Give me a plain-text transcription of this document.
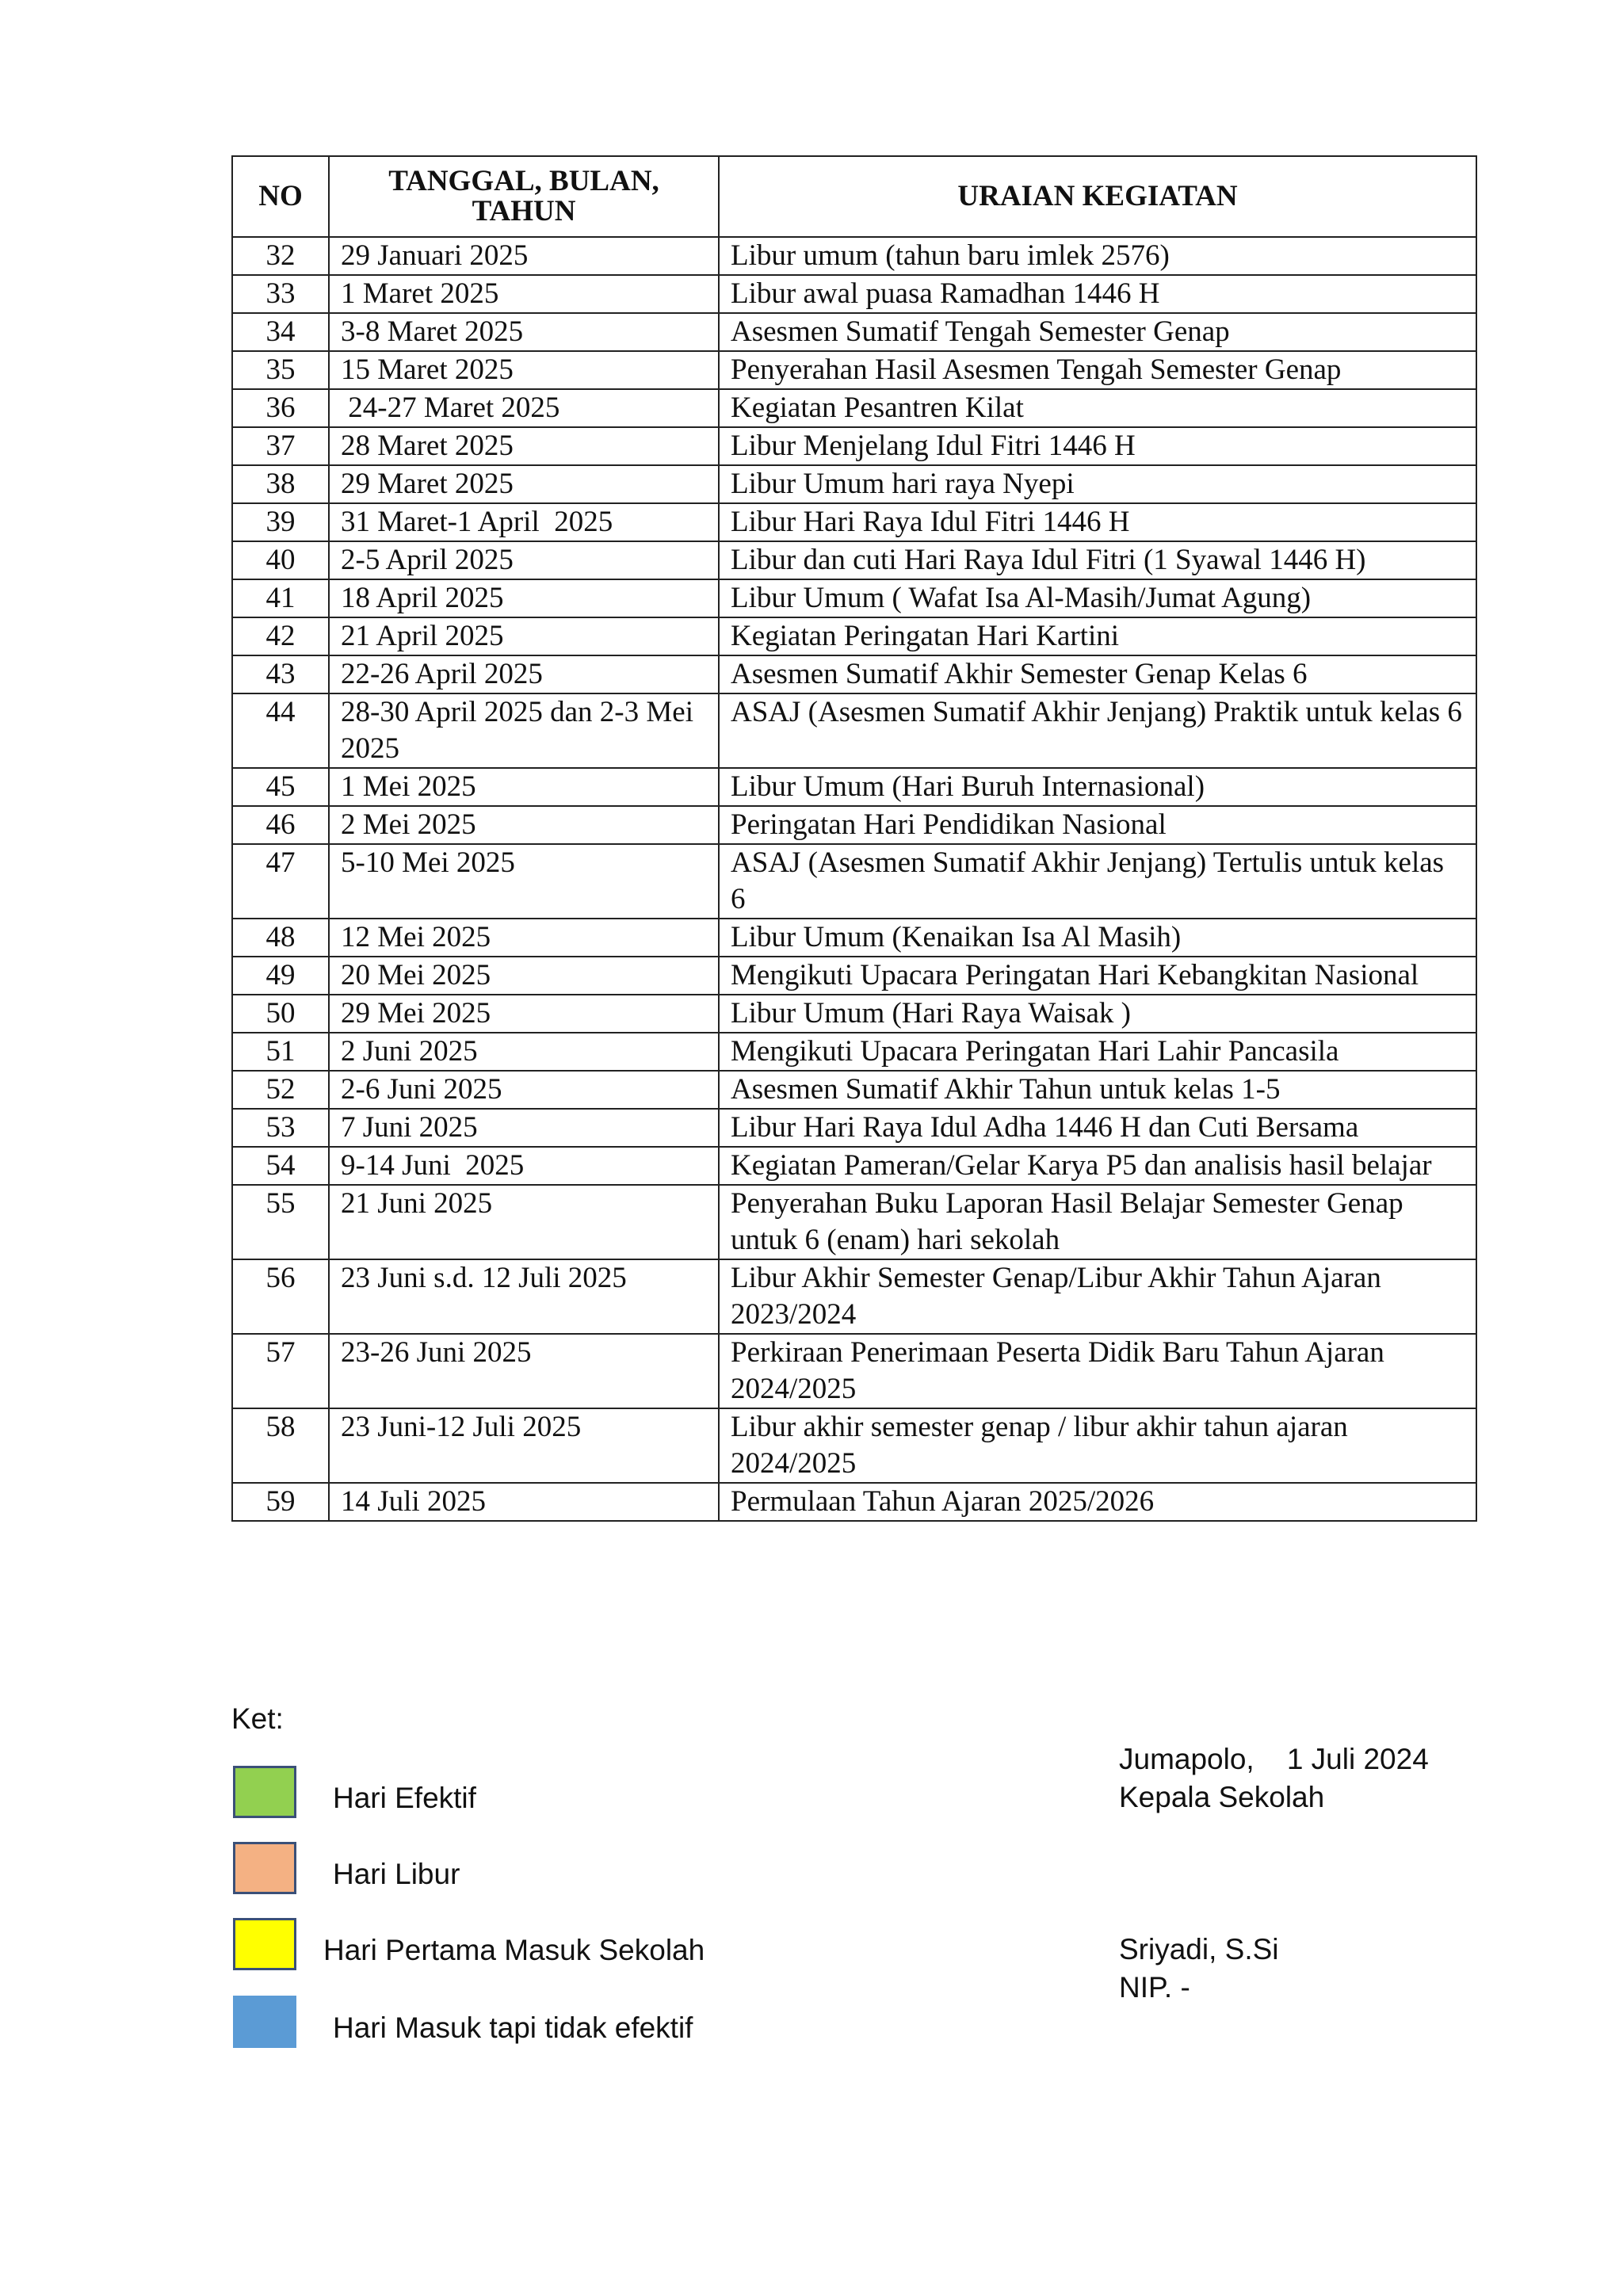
NO	TANGGAL, BULAN, TAHUN	URAIAN KEGIATAN
32	29 Januari 2025	Libur umum (tahun baru imlek 2576)
33	1 Maret 2025	Libur awal puasa Ramadhan 1446 H
34	3-8 Maret 2025	Asesmen Sumatif Tengah Semester Genap
35	15 Maret 2025	Penyerahan Hasil Asesmen Tengah Semester Genap
36	24-27 Maret 2025	Kegiatan Pesantren Kilat
37	28 Maret 2025	Libur Menjelang Idul Fitri 1446 H
38	29 Maret 2025	Libur Umum hari raya Nyepi
39	31 Maret-1 April  2025	Libur Hari Raya Idul Fitri 1446 H
40	2-5 April 2025	Libur dan cuti Hari Raya Idul Fitri (1 Syawal 1446 H)
41	18 April 2025	Libur Umum ( Wafat Isa Al-Masih/Jumat Agung)
42	21 April 2025	Kegiatan Peringatan Hari Kartini
43	22-26 April 2025	Asesmen Sumatif Akhir Semester Genap Kelas 6
44	28-30 April 2025 dan 2-3 Mei 2025	ASAJ (Asesmen Sumatif Akhir Jenjang) Praktik untuk kelas 6
45	1 Mei 2025	Libur Umum (Hari Buruh Internasional)
46	2 Mei 2025	Peringatan Hari Pendidikan Nasional
47	5-10 Mei 2025	ASAJ (Asesmen Sumatif Akhir Jenjang) Tertulis untuk kelas 6
48	12 Mei 2025	Libur Umum (Kenaikan Isa Al Masih)
49	20 Mei 2025	Mengikuti Upacara Peringatan Hari Kebangkitan Nasional
50	29 Mei 2025	Libur Umum (Hari Raya Waisak )
51	2 Juni 2025	Mengikuti Upacara Peringatan Hari Lahir Pancasila
52	2-6 Juni 2025	Asesmen Sumatif Akhir Tahun untuk kelas 1-5
53	7 Juni 2025	Libur Hari Raya Idul Adha 1446 H dan Cuti Bersama
54	9-14 Juni  2025	Kegiatan Pameran/Gelar Karya P5 dan analisis hasil belajar
55	21 Juni 2025	Penyerahan Buku Laporan Hasil Belajar Semester Genap untuk 6 (enam) hari sekolah
56	23 Juni s.d. 12 Juli 2025	Libur Akhir Semester Genap/Libur Akhir Tahun Ajaran 2023/2024
57	23-26 Juni 2025	Perkiraan Penerimaan Peserta Didik Baru Tahun Ajaran 2024/2025
58	23 Juni-12 Juli 2025	Libur akhir semester genap / libur akhir tahun ajaran 2024/2025
59	14 Juli 2025	Permulaan Tahun Ajaran 2025/2026
Ket:
Hari Efektif
Hari Libur
Hari Pertama Masuk Sekolah
Hari Masuk tapi tidak efektif
Jumapolo,    1 Juli 2024
Kepala Sekolah
Sriyadi, S.Si
NIP. -
